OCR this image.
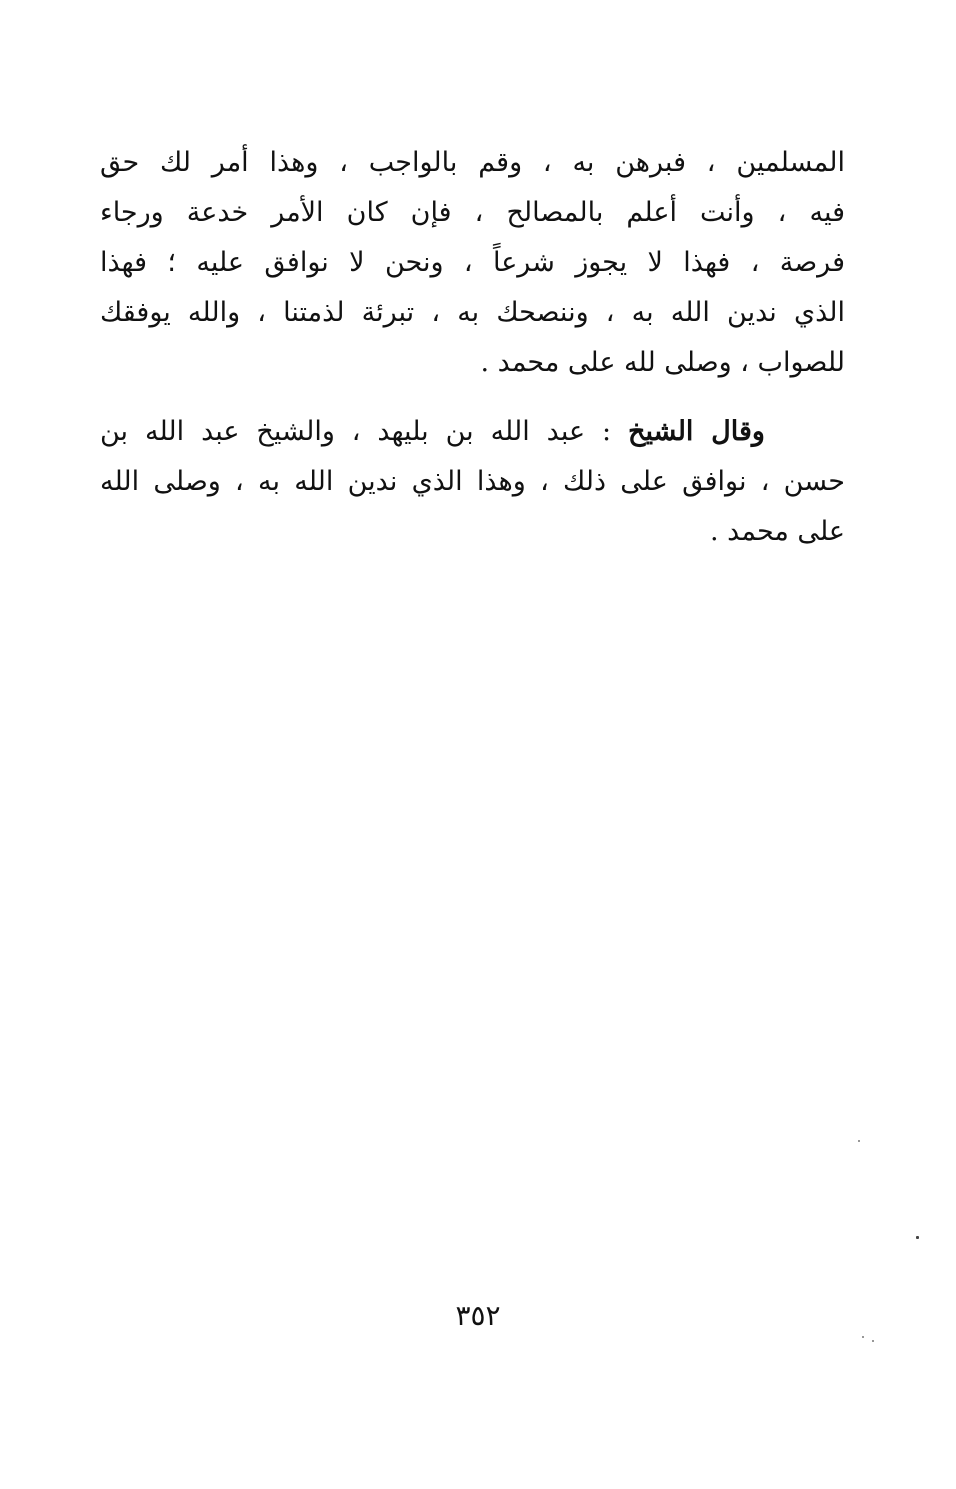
المسلمين ، فبرهن به ، وقم بالواجب ، وهذا أمر لك حق
فيه ، وأنت أعلم بالمصالح ، فإن كان الأمر خدعة ورجاء
فرصة ، فهذا لا يجوز شرعاً ، ونحن لا نوافق عليه ؛ فهذا
الذي ندين الله به ، وننصحك به ، تبرئة لذمتنا ، والله يوفقك
للصواب ، وصلى لله على محمد .
وقال الشيخ : عبد الله بن بليهد ، والشيخ عبد الله بن
حسن ، نوافق على ذلك ، وهذا الذي ندين الله به ، وصلى الله
على محمد .
٣٥٢
